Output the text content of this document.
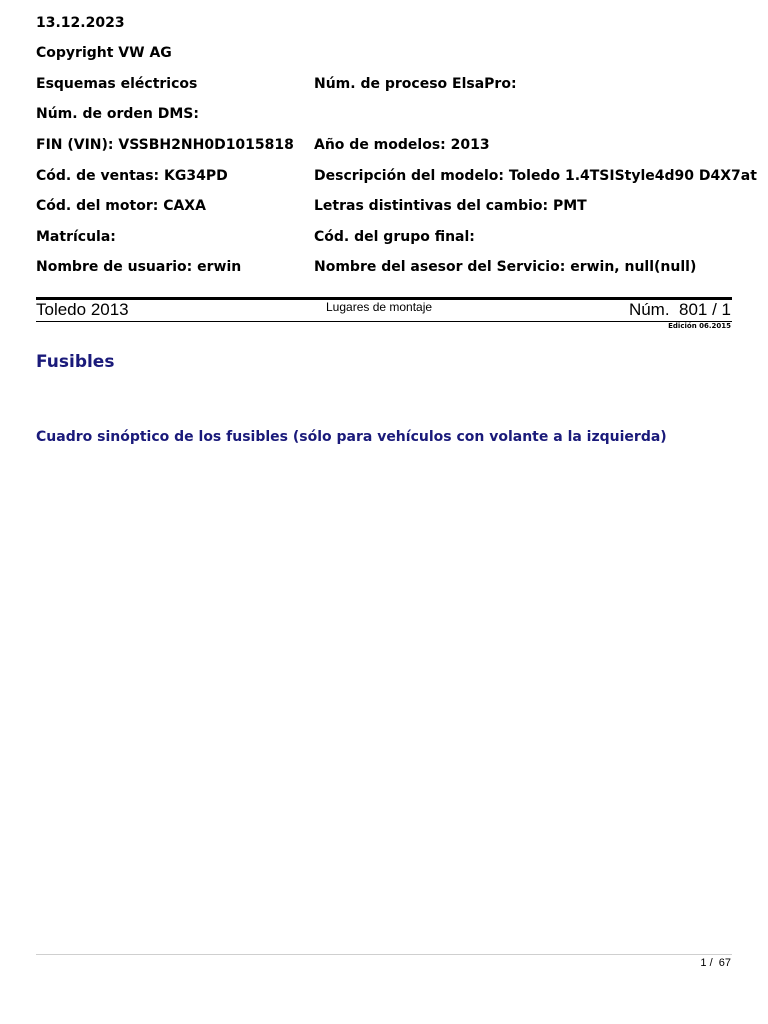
13.12.2023
Copyright VW AG
Esquemas eléctricos	Núm. de proceso ElsaPro:
Núm. de orden DMS:
FIN (VIN): VSSBH2NH0D1015818 Año de modelos: 2013
Cód. de ventas: KG34PD	Descripción del modelo: Toledo 1.4TSIStyle4d90 D4X7at
Cód. del motor: CAXA	Letras distintivas del cambio: PMT
Matrícula:	Cód. del grupo final:
Nombre de usuario: erwin	Nombre del asesor del Servicio: erwin, null(null)
Toledo 2013	Lugares de montaje	Núm.  801 / 1
Edición 06.2015
Fusibles
Cuadro sinóptico de los fusibles (sólo para vehículos con volante a la izquierda)
1 /  67
